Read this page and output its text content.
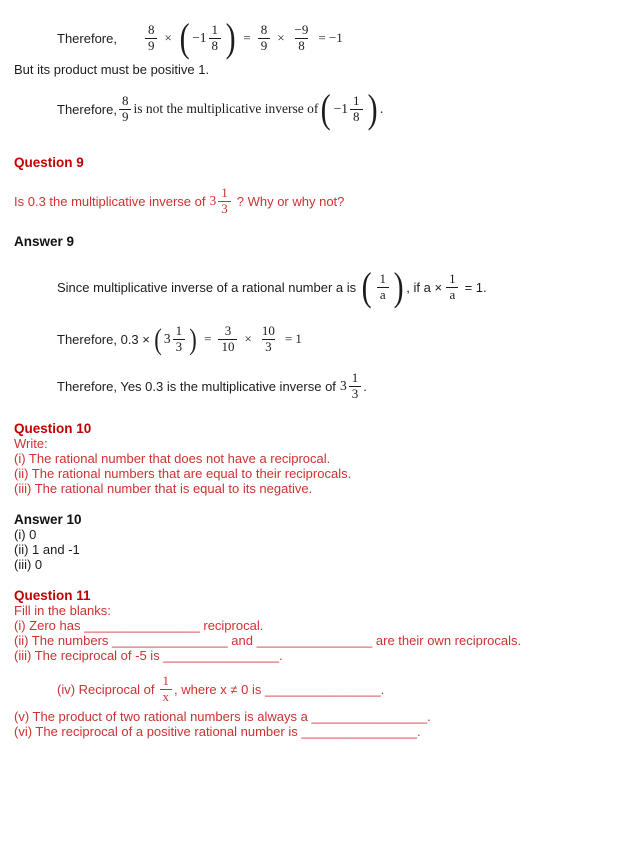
Therefore, $\frac{8}{9}$ × ( $-1 \frac{1}{8}$ ) = $\frac{8}{9} \times \frac{-9}{8} = -1$

But its product must be positive 1.

Therefore, $\frac{8}{9}$ is not the multiplicative inverse of ( $-1 \frac{1}{8}$ ) .
Question 9
Is 0.3 the multiplicative inverse of $3 \frac{1}{3}$ ? Why or why not?
Answer 9
Since multiplicative inverse of a rational number a is ( $\frac{1}{a}$ ) , if $a \times \frac{1}{a} = 1$.
Therefore, 0.3 × ( $3 \frac{1}{3}$ ) = $\frac{3}{10} \times \frac{10}{3} = 1$
Therefore, Yes 0.3 is the multiplicative inverse of $3 \frac{1}{3}$ .
Question 10

Write:

(i) The rational number that does not have a reciprocal.

(ii) The rational numbers that are equal to their reciprocals.

(iii) The rational number that is equal to its negative.

Answer 10

(i) 0

(ii) 1 and -1

(iii) 0

Question 11

Fill in the blanks:

(i) Zero has ________________ reciprocal.

(ii) The numbers ________________ and ________________ are their own reciprocals.

(iii) The reciprocal of -5 is ________________.

(iv) Reciprocal of $\frac{1}{x}$ , where x ≠ 0 is ________________.

(v) The product of two rational numbers is always a ________________.

(vi) The reciprocal of a positive rational number is ________________.
